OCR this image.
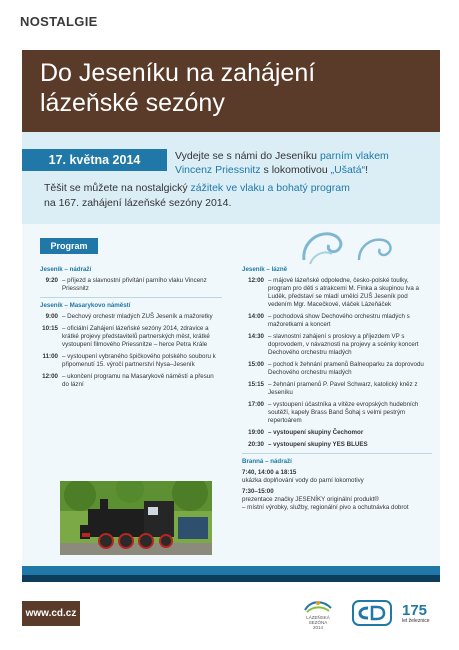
NOSTALGIE
Do Jeseníku na zahájení
lázeňské sezóny
17. května 2014	Vydejte se s námi do Jeseníku parním vlakem
Vincenz Priessnitz s lokomotivou „Ušatá“!
Těšit se můžete na nostalgický zážitek ve vlaku a bohatý program
na 167. zahájení lázeňské sezóny 2014.
Program
Jeseník – nádraží
9:20 – příjezd a slavnostní přivítání parního vlaku Vincenz Priessnitz
Jeseník – Masarykovo náměstí
9:00 – Dechový orchestr mladých ZUŠ Jeseník a mažoretky
10:15 – oficiální Zahájení lázeňské sezóny 2014, zdravice a krátké projevy představitelů partnerských měst, krátké vystoupení filmového Priessnitze – herce Petra Krále
11:00 – vystoupení vybraného špičkového polského souboru k připomenutí 15. výročí partnerství Nysa–Jeseník
12:00 – ukončení programu na Masarykově náměstí a přesun do lázní
Jeseník – lázně
12:00 – májové lázeňské odpoledne, česko-polské toulky, program pro děti s atrakcemi M. Finka a skupinou Iva a Luděk, představí se mladí umělci ZUŠ Jeseník pod vedením Mgr. Macečkové, vláček Lázeňáček
14:00 – pochodová show Dechového orchestru mladých s mažoretkami a koncert
14:30 – slavnostní zahájení s proslovy a příjezdem VP s doprovodem, v návaznosti na projevy a scénky koncert Dechového orchestru mladých
15:00 – pochod k žehnání pramenů Balneoparku za doprovodu Dechového orchestru mladých
15:15 – žehnání pramenů P. Pavel Schwarz, katolický kněz z Jeseníku
17:00 – vystoupení účastníka a vítěze evropských hudebních soutěží, kapely Brass Band Šohaj s velmi pestrým repertoárem
19:00 – vystoupení skupiny Čechomor
20:30 – vystoupení skupiny YES BLUES
Branná – nádraží
7:40, 14:00 a 18:15
ukázka doplňování vody do parní lokomotivy
7:30–15:00
prezentace značky JESENÍKY originální produkt®
– místní výrobky, služby, regionální pivo a ochutnávka dobrot
www.cd.cz	LÁZEŇSKÁ SEZÓNA
2014
175
let železnice
